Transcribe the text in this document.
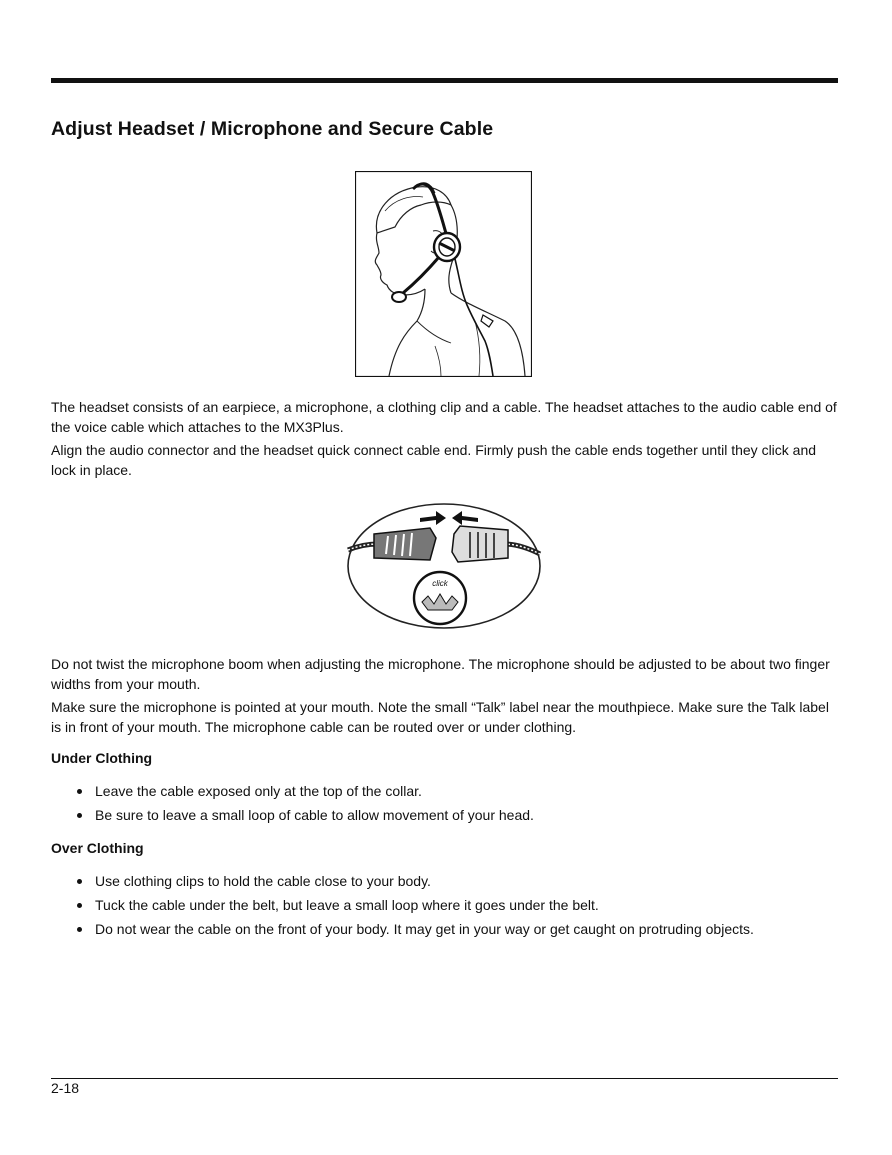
Adjust Headset / Microphone and Secure Cable

The headset consists of an earpiece, a microphone, a clothing clip and a cable. The headset attaches to the audio cable end of the voice cable which attaches to the MX3Plus.

Align the audio connector and the headset quick connect cable end. Firmly push the cable ends together until they click and lock in place.

click

Do not twist the microphone boom when adjusting the microphone. The microphone should be adjusted to be about two finger widths from your mouth.

Make sure the microphone is pointed at your mouth. Note the small “Talk” label near the mouthpiece. Make sure the Talk label is in front of your mouth. The microphone cable can be routed over or under clothing.

Under Clothing
Leave the cable exposed only at the top of the collar.
Be sure to leave a small loop of cable to allow movement of your head.
Over Clothing
Use clothing clips to hold the cable close to your body.
Tuck the cable under the belt, but leave a small loop where it goes under the belt.
Do not wear the cable on the front of your body. It may get in your way or get caught on protruding objects.
2-18
